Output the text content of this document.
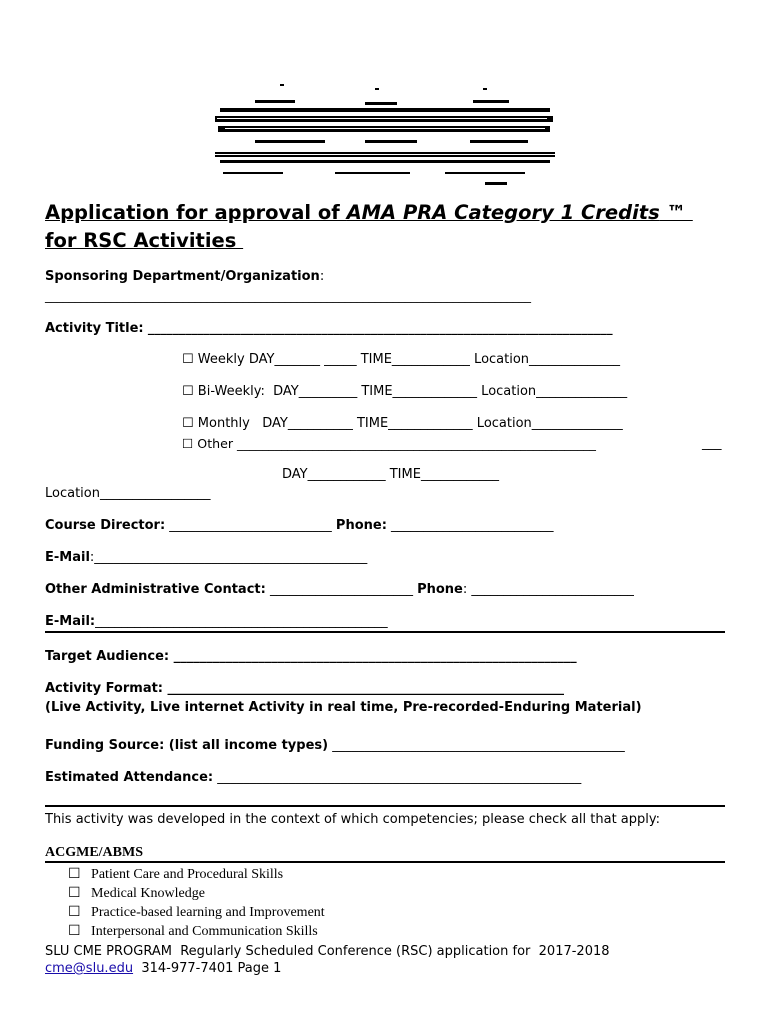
Application for approval of AMA PRA Category 1 Credits ™
for RSC Activities
Sponsoring Department/Organization:
_________________________________________________________________________________
Activity Title: ___________________________________________________________________________
☐ Weekly DAY_______ _____ TIME____________ Location______________
☐ Bi-Weekly:  DAY_________ TIME_____________ Location______________
☐ Monthly   DAY__________ TIME_____________ Location______________
☐ Other _________________________________________________________	___
DAY____________ TIME____________
Location_________________
Course Director: _________________________ Phone: _________________________
E-Mail:__________________________________________
Other Administrative Contact: ______________________ Phone: _________________________
E-Mail:_____________________________________________
Target Audience: ______________________________________________________________
Activity Format: _____________________________________________________________
(Live Activity, Live internet Activity in real time, Pre-recorded-Enduring Material)
Funding Source: (list all income types) _____________________________________________
Estimated Attendance: ________________________________________________________
This activity was developed in the context of which competencies; please check all that apply:
ACGME/ABMS
☐   Patient Care and Procedural Skills
☐   Medical Knowledge
☐   Practice-based learning and Improvement
☐   Interpersonal and Communication Skills
SLU CME PROGRAM  Regularly Scheduled Conference (RSC) application for  2017-2018
cme@slu.edu  314-977-7401 Page 1
